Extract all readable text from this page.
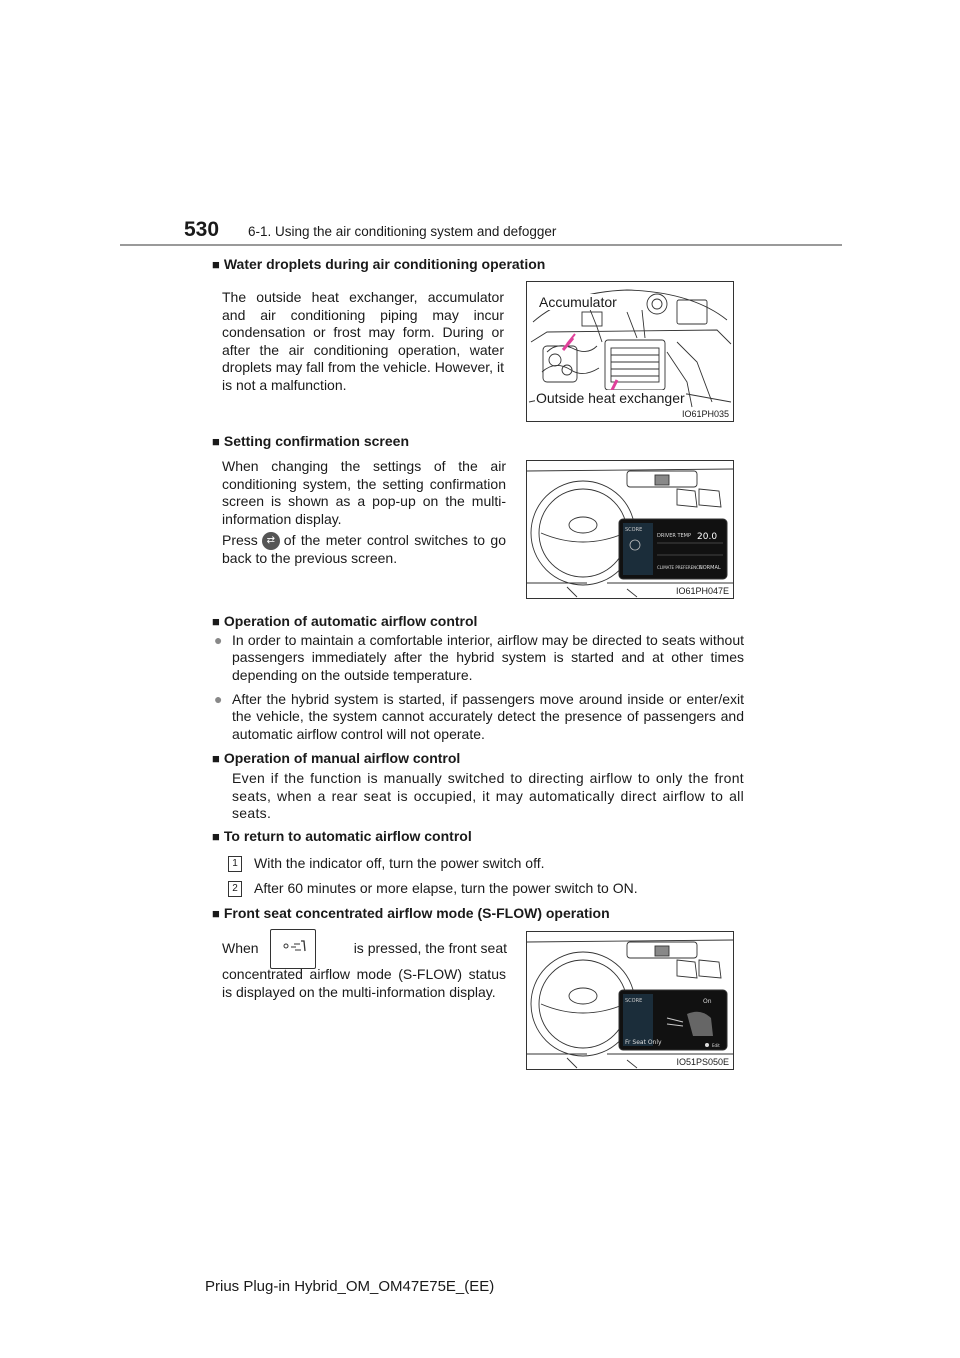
530 6-1. Using the air conditioning system and defogger
■ Water droplets during air conditioning operation
The outside heat exchanger, accumulator and air conditioning piping may incur condensation or frost may form. During or after the air conditioning operation, water droplets may fall from the vehicle. However, it is not a malfunction.
Accumulator
Outside heat exchanger
IO61PH035
■ Setting confirmation screen
When changing the settings of the air conditioning system, the setting confirmation screen is shown as a pop-up on the multi-information display.
Press ⇄ of the meter control switches to go back to the previous screen.
SCORE
DRIVER TEMP 20.0
CLIMATE PREFERENCE
NORMAL
IO61PH047E
■ Operation of automatic airflow control
● In order to maintain a comfortable interior, airflow may be directed to seats without passengers immediately after the hybrid system is started and at other times depending on the outside temperature.
● After the hybrid system is started, if passengers move around inside or enter/exit the vehicle, the system cannot accurately detect the presence of passengers and automatic airflow control will not operate.
■ Operation of manual airflow control
Even if the function is manually switched to directing airflow to only the front seats, when a rear seat is occupied, it may automatically direct airflow to all seats.
■ To return to automatic airflow control
1	With the indicator off, turn the power switch off.
2	After 60 minutes or more elapse, turn the power switch to ON.
■ Front seat concentrated airflow mode (S-FLOW) operation
When	is pressed, the front seat
concentrated airflow mode (S-FLOW) status is displayed on the multi-information display.
SCORE	On
Fr Seat Only	Edit
IO51PS050E
Prius Plug-in Hybrid_OM_OM47E75E_(EE)
